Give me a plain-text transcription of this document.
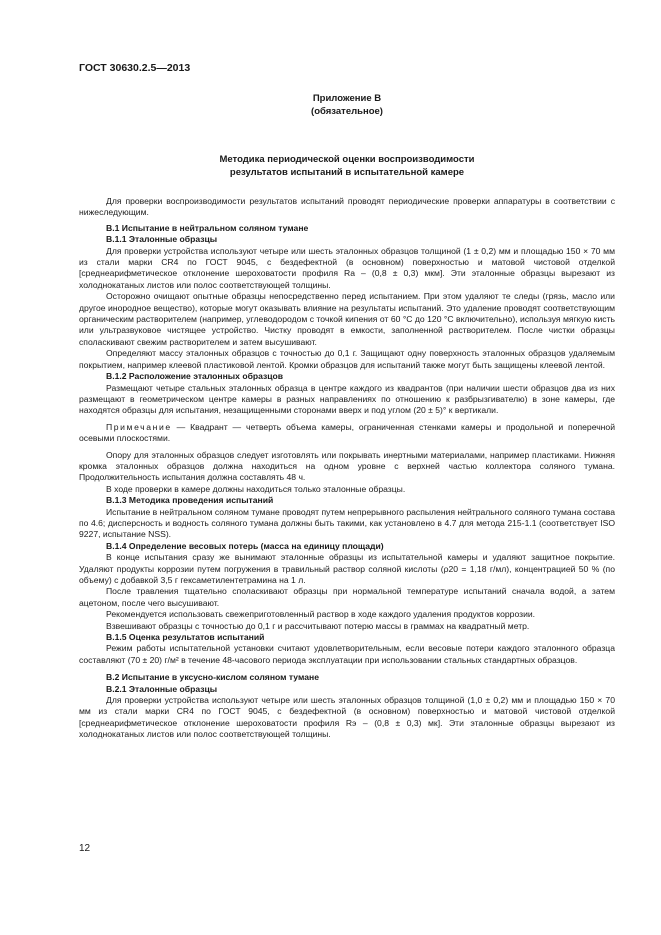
ГОСТ 30630.2.5—2013
Приложение В
(обязательное)
Методика периодической оценки воспроизводимости
результатов испытаний в испытательной камере

Для проверки воспроизводимости результатов испытаний проводят периодические проверки аппаратуры в соответствии с нижеследующим.

В.1 Испытание в нейтральном соляном тумане
В.1.1 Эталонные образцы

Для проверки устройства используют четыре или шесть эталонных образцов толщиной (1 ± 0,2) мм и площадью 150 × 70 мм из стали марки CR4 по ГОСТ 9045, с бездефектной (в основном) поверхностью и матовой чистовой отделкой [среднеарифметическое отклонение шероховатости профиля Ra – (0,8 ± 0,3) мкм]. Эти эталонные образцы вырезают из холоднокатаных листов или полос соответствующей толщины.

Осторожно очищают опытные образцы непосредственно перед испытанием. При этом удаляют те следы (грязь, масло или другое инородное вещество), которые могут оказывать влияние на результаты испытаний. Это удаление проводят соответствующим органическим растворителем (например, углеводородом с точкой кипения от 60 °С до 120 °С включительно), используя мягкую кисть или ультразвуковое чистящее устройство. Чистку проводят в емкости, заполненной растворителем. После чистки образцы споласкивают свежим растворителем и затем высушивают.

Определяют массу эталонных образцов с точностью до 0,1 г. Защищают одну поверхность эталонных образцов удаляемым покрытием, например клеевой пластиковой лентой. Кромки образцов для испытаний также могут быть защищены клеевой лентой.

В.1.2 Расположение эталонных образцов

Размещают четыре стальных эталонных образца в центре каждого из квадрантов (при наличии шести образцов два из них размещают в геометрическом центре камеры в разных направлениях по отношению к разбрызгивателю) в зоне камеры, где находятся образцы для испытания, незащищенными сторонами вверх и под углом (20 ± 5)° к вертикали.

Примечание — Квадрант — четверть объема камеры, ограниченная стенками камеры и продольной и поперечной осевыми плоскостями.

Опору для эталонных образцов следует изготовлять или покрывать инертными материалами, например пластиками. Нижняя кромка эталонных образцов должна находиться на одном уровне с верхней частью коллектора соляного тумана. Продолжительность испытания должна составлять 48 ч.

В ходе проверки в камере должны находиться только эталонные образцы.

В.1.3 Методика проведения испытаний

Испытание в нейтральном соляном тумане проводят путем непрерывного распыления нейтрального соляного тумана состава по 4.6; дисперсность и водность соляного тумана должны быть такими, как установлено в 4.7 для метода 215-1.1 (соответствует ISO 9227, испытание NSS).

В.1.4 Определение весовых потерь (масса на единицу площади)

В конце испытания сразу же вынимают эталонные образцы из испытательной камеры и удаляют защитное покрытие. Удаляют продукты коррозии путем погружения в травильный раствор соляной кислоты (ρ20 = 1,18 г/мл), концентрацией 50 % (по объему) с добавкой 3,5 г гексаметилентетрамина на 1 л.

После травления тщательно споласкивают образцы при нормальной температуре испытаний сначала водой, а затем ацетоном, после чего высушивают.

Рекомендуется использовать свежеприготовленный раствор в ходе каждого удаления продуктов коррозии.

Взвешивают образцы с точностью до 0,1 г и рассчитывают потерю массы в граммах на квадратный метр.

В.1.5 Оценка результатов испытаний

Режим работы испытательной установки считают удовлетворительным, если весовые потери каждого эталонного образца составляют (70 ± 20) г/м² в течение 48-часового периода эксплуатации при использовании стальных стандартных образцов.

В.2 Испытание в уксусно-кислом соляном тумане
В.2.1 Эталонные образцы

Для проверки устройства используют четыре или шесть эталонных образцов толщиной (1,0 ± 0,2) мм и площадью 150 × 70 мм из стали марки CR4 по ГОСТ 9045, с бездефектной (в основном) поверхностью и матовой чистовой отделкой [среднеарифметическое отклонение шероховатости профиля Rэ – (0,8 ± 0,3) мк]. Эти эталонные образцы вырезают из холоднокатаных листов или полос соответствующей толщины.

12
